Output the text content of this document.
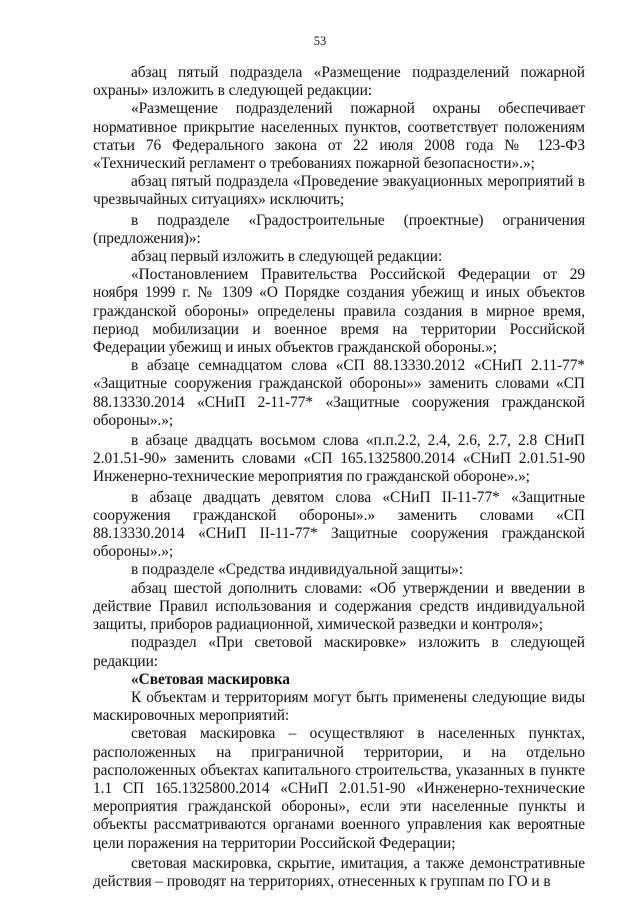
53

абзац пятый подраздела «Размещение подразделений пожарной охраны» изложить в следующей редакции:

«Размещение подразделений пожарной охраны обеспечивает нормативное прикрытие населенных пунктов, соответствует положениям статьи 76 Федерального закона от 22 июля 2008 года № 123-ФЗ «Технический регламент о требованиях пожарной безопасности».»;

абзац пятый подраздела «Проведение эвакуационных мероприятий в чрезвычайных ситуациях» исключить;

в подразделе «Градостроительные (проектные) ограничения (предложения)»:

абзац первый изложить в следующей редакции:

«Постановлением Правительства Российской Федерации от 29 ноября 1999 г. № 1309 «О Порядке создания убежищ и иных объектов гражданской обороны» определены правила создания в мирное время, период мобилизации и военное время на территории Российской Федерации убежищ и иных объектов гражданской обороны.»;

в абзаце семнадцатом слова «СП 88.13330.2012 «СНиП 2.11-77* «Защитные сооружения гражданской обороны»» заменить словами «СП 88.13330.2014 «СНиП 2-11-77* «Защитные сооружения гражданской обороны».»;

в абзаце двадцать восьмом слова «п.п.2.2, 2.4, 2.6, 2.7, 2.8 СНиП 2.01.51-90» заменить словами «СП 165.1325800.2014 «СНиП 2.01.51-90 Инженерно-технические мероприятия по гражданской обороне».»;

в абзаце двадцать девятом слова «СНиП II-11-77* «Защитные сооружения гражданской обороны».» заменить словами «СП 88.13330.2014 «СНиП II-11-77* Защитные сооружения гражданской обороны».»;

в подразделе «Средства индивидуальной защиты»:

абзац шестой дополнить словами: «Об утверждении и введении в действие Правил использования и содержания средств индивидуальной защиты, приборов радиационной, химической разведки и контроля»;

подраздел «При световой маскировке» изложить в следующей редакции:

«Световая маскировка

К объектам и территориям могут быть применены следующие виды маскировочных мероприятий:

световая маскировка – осуществляют в населенных пунктах, расположенных на приграничной территории, и на отдельно расположенных объектах капитального строительства, указанных в пункте 1.1 СП 165.1325800.2014 «СНиП 2.01.51-90 «Инженерно-технические мероприятия гражданской обороны», если эти населенные пункты и объекты рассматриваются органами военного управления как вероятные цели поражения на территории Российской Федерации;

световая маскировка, скрытие, имитация, а также демонстративные действия – проводят на территориях, отнесенных к группам по ГО и в
